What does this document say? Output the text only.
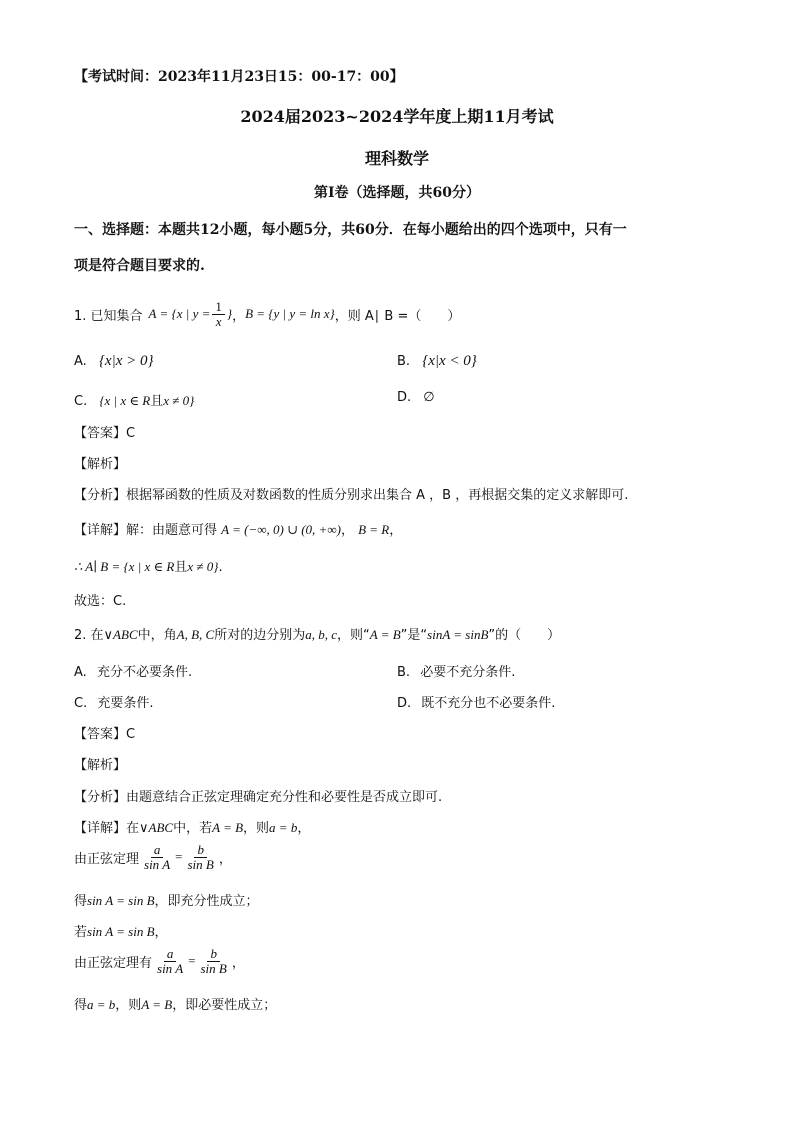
【考试时间：2023年11月23日15：00-17：00】
2024届2023~2024学年度上期11月考试
理科数学
第I卷（选择题，共60分）
一、选择题：本题共12小题，每小题5分，共60分．在每小题给出的四个选项中，只有一
项是符合题目要求的.
1. 已知集合 A = {x | $y = \frac{1}{x}$ } ， B = {y | y = ln x} ，则 A∣ B =（　　）
A. {x|x > 0}	B. {x|x < 0}
C. {x | x ∈ R且x ≠ 0}	D. ∅
【答案】C
【解析】
【分析】根据幂函数的性质及对数函数的性质分别求出集合 A ，B ，再根据交集的定义求解即可.
【详解】解：由题意可得 A = (−∞, 0) ∪ (0, +∞)， B = R，
∴ A∣ B = {x | x ∈ R且x ≠ 0}.
故选：C.
2. 在∨ABC中，角A, B, C所对的边分别为a, b, c，则“A = B”是“sinA = sinB”的（　　）
A. 充分不必要条件.	B. 必要不充分条件.
C. 充要条件.	D. 既不充分也不必要条件.
【答案】C
【解析】
【分析】由题意结合正弦定理确定充分性和必要性是否成立即可.
【详解】在∨ABC中，若A = B，则a = b，
由正弦定理 $\frac{a}{\text{sin A}} = \frac{b}{\text{sin B}}$ ，
得sin A = sin B，即充分性成立；
若sin A = sin B，
由正弦定理有 $\frac{a}{\text{sin A}} = \frac{b}{\text{sin B}}$ ，
得a = b，则A = B，即必要性成立；
